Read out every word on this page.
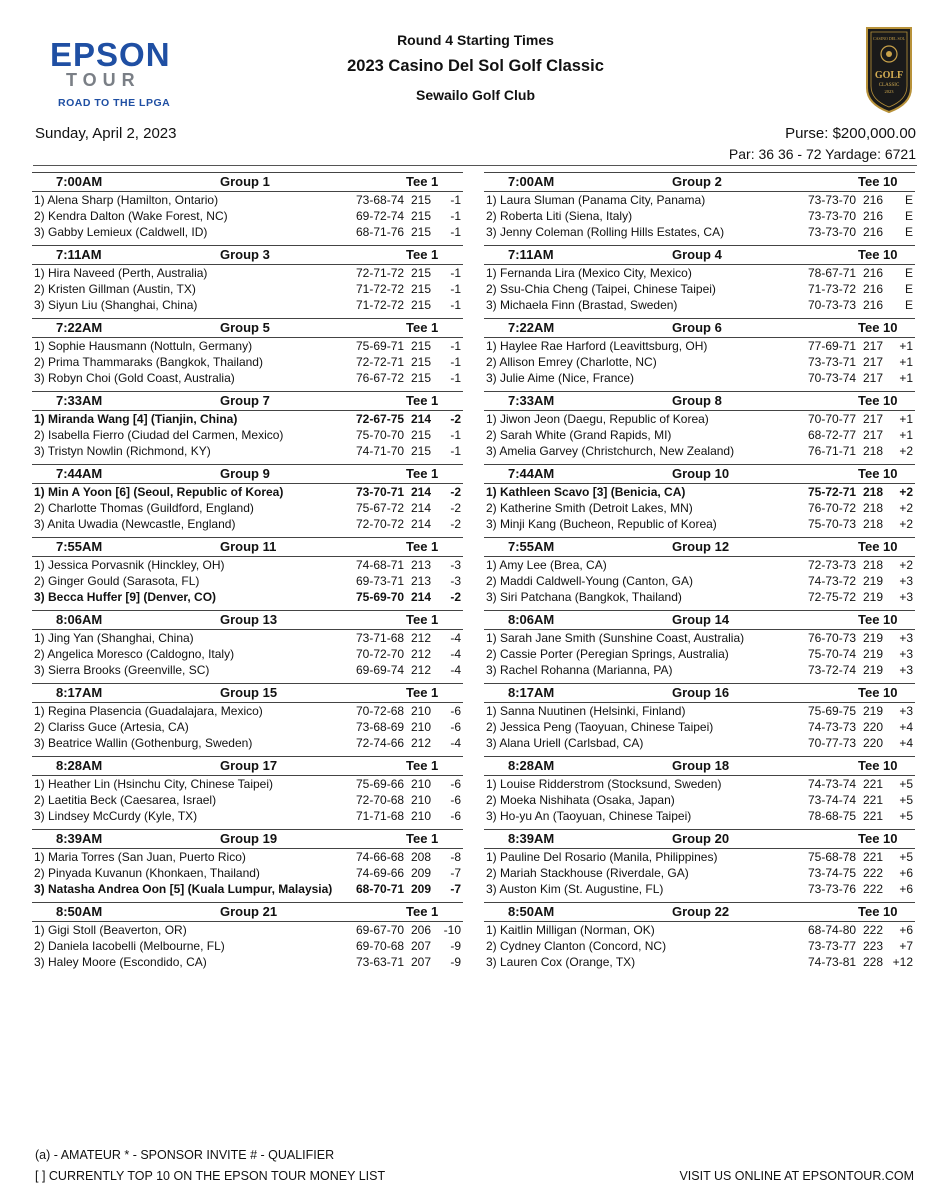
EPSON
TOUR
ROAD TO THE LPGA
Round 4 Starting Times
2023 Casino Del Sol Golf Classic
Sewailo Golf Club
CASINO DEL SOL
GOLF
CLASSIC
2023
Sunday, April 2, 2023	Purse: $200,000.00
Par: 36 36 - 72 Yardage: 6721
7:00AM	Group 1	Tee 1
1) Alena Sharp (Hamilton, Ontario)	73-68-74 215 -1
2) Kendra Dalton (Wake Forest, NC)	69-72-74 215 -1
3) Gabby Lemieux (Caldwell, ID)	68-71-76 215 -1
7:11AM	Group 3	Tee 1
1) Hira Naveed (Perth, Australia)	72-71-72 215 -1
2) Kristen Gillman (Austin, TX)	71-72-72 215 -1
3) Siyun Liu (Shanghai, China)	71-72-72 215 -1
7:22AM	Group 5	Tee 1
1) Sophie Hausmann (Nottuln, Germany)	75-69-71 215 -1
2) Prima Thammaraks (Bangkok, Thailand)	72-72-71 215 -1
3) Robyn Choi (Gold Coast, Australia)	76-67-72 215 -1
7:33AM	Group 7	Tee 1
1) Miranda Wang [4] (Tianjin, China)	72-67-75 214 -2
2) Isabella Fierro (Ciudad del Carmen, Mexico)	75-70-70 215 -1
3) Tristyn Nowlin (Richmond, KY)	74-71-70 215 -1
7:44AM	Group 9	Tee 1
1) Min A Yoon [6] (Seoul, Republic of Korea)	73-70-71 214 -2
2) Charlotte Thomas (Guildford, England)	75-67-72 214 -2
3) Anita Uwadia (Newcastle, England)	72-70-72 214 -2
7:55AM	Group 11	Tee 1
1) Jessica Porvasnik (Hinckley, OH)	74-68-71 213 -3
2) Ginger Gould (Sarasota, FL)	69-73-71 213 -3
3) Becca Huffer [9] (Denver, CO)	75-69-70 214 -2
8:06AM	Group 13	Tee 1
1) Jing Yan (Shanghai, China)	73-71-68 212 -4
2) Angelica Moresco (Caldogno, Italy)	70-72-70 212 -4
3) Sierra Brooks (Greenville, SC)	69-69-74 212 -4
8:17AM	Group 15	Tee 1
1) Regina Plasencia (Guadalajara, Mexico)	70-72-68 210 -6
2) Clariss Guce (Artesia, CA)	73-68-69 210 -6
3) Beatrice Wallin (Gothenburg, Sweden)	72-74-66 212 -4
8:28AM	Group 17	Tee 1
1) Heather Lin (Hsinchu City, Chinese Taipei)	75-69-66 210 -6
2) Laetitia Beck (Caesarea, Israel)	72-70-68 210 -6
3) Lindsey McCurdy (Kyle, TX)	71-71-68 210 -6
8:39AM	Group 19	Tee 1
1) Maria Torres (San Juan, Puerto Rico)	74-66-68 208 -8
2) Pinyada Kuvanun (Khonkaen, Thailand)	74-69-66 209 -7
3) Natasha Andrea Oon [5] (Kuala Lumpur, Malaysia) 68-70-71 209 -7
8:50AM	Group 21	Tee 1
1) Gigi Stoll (Beaverton, OR)	69-67-70 206 -10
2) Daniela Iacobelli (Melbourne, FL)	69-70-68 207 -9
3) Haley Moore (Escondido, CA)	73-63-71 207 -9
7:00AM	Group 2	Tee 10
1) Laura Sluman (Panama City, Panama)	73-73-70 216 E
2) Roberta Liti (Siena, Italy)	73-73-70 216 E
3) Jenny Coleman (Rolling Hills Estates, CA)	73-73-70 216 E
7:11AM	Group 4	Tee 10
1) Fernanda Lira (Mexico City, Mexico)	78-67-71 216 E
2) Ssu-Chia Cheng (Taipei, Chinese Taipei)	71-73-72 216 E
3) Michaela Finn (Brastad, Sweden)	70-73-73 216 E
7:22AM	Group 6	Tee 10
1) Haylee Rae Harford (Leavittsburg, OH)	77-69-71 217 +1
2) Allison Emrey (Charlotte, NC)	73-73-71 217 +1
3) Julie Aime (Nice, France)	70-73-74 217 +1
7:33AM	Group 8	Tee 10
1) Jiwon Jeon (Daegu, Republic of Korea)	70-70-77 217 +1
2) Sarah White (Grand Rapids, MI)	68-72-77 217 +1
3) Amelia Garvey (Christchurch, New Zealand)	76-71-71 218 +2
7:44AM	Group 10	Tee 10
1) Kathleen Scavo [3] (Benicia, CA)	75-72-71 218 +2
2) Katherine Smith (Detroit Lakes, MN)	76-70-72 218 +2
3) Minji Kang (Bucheon, Republic of Korea)	75-70-73 218 +2
7:55AM	Group 12	Tee 10
1) Amy Lee (Brea, CA)	72-73-73 218 +2
2) Maddi Caldwell-Young (Canton, GA)	74-73-72 219 +3
3) Siri Patchana (Bangkok, Thailand)	72-75-72 219 +3
8:06AM	Group 14	Tee 10
1) Sarah Jane Smith (Sunshine Coast, Australia)	76-70-73 219 +3
2) Cassie Porter (Peregian Springs, Australia)	75-70-74 219 +3
3) Rachel Rohanna (Marianna, PA)	73-72-74 219 +3
8:17AM	Group 16	Tee 10
1) Sanna Nuutinen (Helsinki, Finland)	75-69-75 219 +3
2) Jessica Peng (Taoyuan, Chinese Taipei)	74-73-73 220 +4
3) Alana Uriell (Carlsbad, CA)	70-77-73 220 +4
8:28AM	Group 18	Tee 10
1) Louise Ridderstrom (Stocksund, Sweden)	74-73-74 221 +5
2) Moeka Nishihata (Osaka, Japan)	73-74-74 221 +5
3) Ho-yu An (Taoyuan, Chinese Taipei)	78-68-75 221 +5
8:39AM	Group 20	Tee 10
1) Pauline Del Rosario (Manila, Philippines)	75-68-78 221 +5
2) Mariah Stackhouse (Riverdale, GA)	73-74-75 222 +6
3) Auston Kim (St. Augustine, FL)	73-73-76 222 +6
8:50AM	Group 22	Tee 10
1) Kaitlin Milligan (Norman, OK)	68-74-80 222 +6
2) Cydney Clanton (Concord, NC)	73-73-77 223 +7
3) Lauren Cox (Orange, TX)	74-73-81 228 +12
(a) - AMATEUR * - SPONSOR INVITE # - QUALIFIER
[ ] CURRENTLY TOP 10 ON THE EPSON TOUR MONEY LIST	VISIT US ONLINE AT EPSONTOUR.COM
